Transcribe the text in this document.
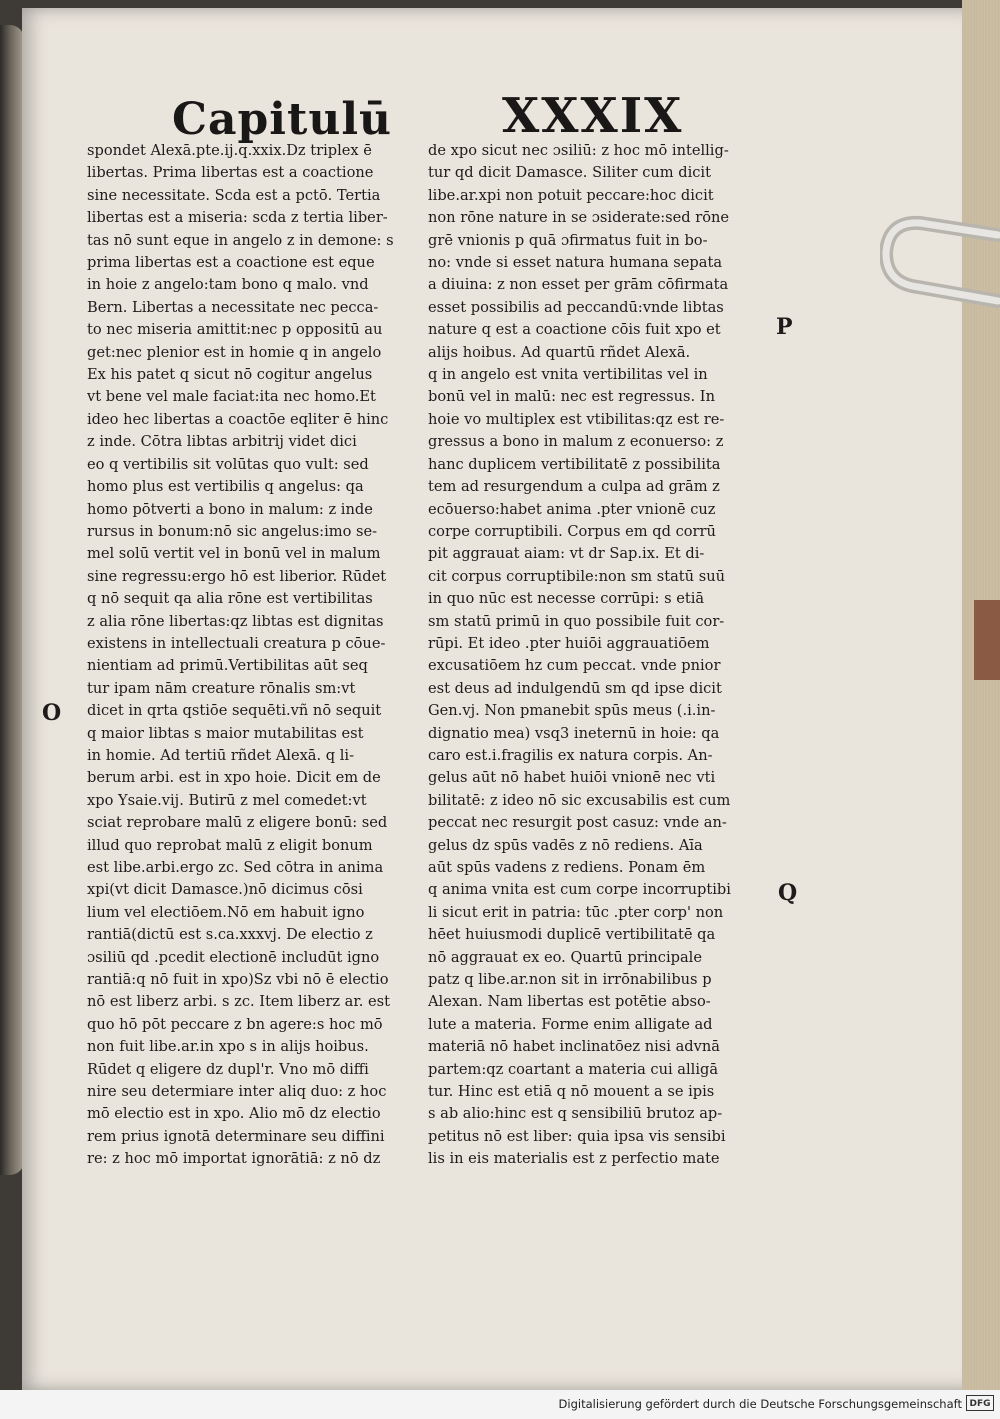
Capitulū XXXIX
spondet Alexā.pte.ij.q.xxix.Dz triplex ē
libertas. Prima libertas est a coactione
sine necessitate. Scda est a pctō. Tertia
libertas est a miseria: scda z tertia liber-
tas nō sunt eque in angelo z in demone: s
prima libertas est a coactione est eque
in hoie z angelo:tam bono q malo. vnd
Bern. Libertas a necessitate nec pecca-
to nec miseria amittit:nec p oppositū au
get:nec plenior est in homie q in angelo
Ex his patet q sicut nō cogitur angelus
vt bene vel male faciat:ita nec homo.Et
ideo hec libertas a coactōe eqliter ē hinc
z inde. Cōtra libtas arbitrij videt dici
eo q vertibilis sit volūtas quo vult: sed
homo plus est vertibilis q angelus: qa
homo pōtverti a bono in malum: z inde
rursus in bonum:nō sic angelus:imo se-
mel solū vertit vel in bonū vel in malum
sine regressu:ergo hō est liberior. Rūdet
q nō sequit qa alia rōne est vertibilitas
z alia rōne libertas:qz libtas est dignitas
existens in intellectuali creatura p cōue-
nientiam ad primū.Vertibilitas aūt seq
tur ipam nām creature rōnalis sm:vt
dicet in qrta qstiōe sequēti.vñ nō sequit
q maior libtas s maior mutabilitas est
in homie. Ad tertiū rñdet Alexā. q li-
berum arbi. est in xpo hoie. Dicit em de
xpo Ysaie.vij. Butirū z mel comedet:vt
sciat reprobare malū z eligere bonū: sed
illud quo reprobat malū z eligit bonum
est libe.arbi.ergo zc. Sed cōtra in anima
xpi(vt dicit Damasce.)nō dicimus cōsi
lium vel electiōem.Nō em habuit igno
rantiā(dictū est s.ca.xxxvj. De electio z
ɔsiliū qd .pcedit electionē includūt igno
rantiā:q nō fuit in xpo)Sz vbi nō ē electio
nō est liberz arbi. s zc. Item liberz ar. est
quo hō pōt peccare z bn agere:s hoc mō
non fuit libe.ar.in xpo s in alijs hoibus.
Rūdet q eligere dz dupl'r. Vno mō diffi
nire seu determiare inter aliq duo: z hoc
mō electio est in xpo. Alio mō dz electio
rem prius ignotā determinare seu diffini
re: z hoc mō importat ignorātiā: z nō dz
de xpo sicut nec ɔsiliū: z hoc mō intellig-
tur qd dicit Damasce. Siliter cum dicit
libe.ar.xpi non potuit peccare:hoc dicit
non rōne nature in se ɔsiderate:sed rōne
grē vnionis p quā ɔfirmatus fuit in bo-
no: vnde si esset natura humana sepata
a diuina: z non esset per grām cōfirmata
esset possibilis ad peccandū:vnde libtas
nature q est a coactione cōis fuit xpo et
alijs hoibus. Ad quartū rñdet Alexā.
q in angelo est vnita vertibilitas vel in
bonū vel in malū: nec est regressus. In
hoie vo multiplex est vtibilitas:qz est re-
gressus a bono in malum z econuerso: z
hanc duplicem vertibilitatē z possibilita
tem ad resurgendum a culpa ad grām z
ecōuerso:habet anima .pter vnionē cuz
corpe corruptibili. Corpus em qd corrū
pit aggrauat aiam: vt dr Sap.ix. Et di-
cit corpus corruptibile:non sm statū suū
in quo nūc est necesse corrūpi: s etiā
sm statū primū in quo possibile fuit cor-
rūpi. Et ideo .pter huiōi aggrauatiōem
excusatiōem hz cum peccat. vnde pnior
est deus ad indulgendū sm qd ipse dicit
Gen.vj. Non pmanebit spūs meus (.i.in-
dignatio mea) vsq3 ineternū in hoie: qa
caro est.i.fragilis ex natura corpis. An-
gelus aūt nō habet huiōi vnionē nec vti
bilitatē: z ideo nō sic excusabilis est cum
peccat nec resurgit post casuz: vnde an-
gelus dz spūs vadēs z nō rediens. Aīa
aūt spūs vadens z rediens. Ponam ēm
q anima vnita est cum corpe incorruptibi
li sicut erit in patria: tūc .pter corp' non
hēet huiusmodi duplicē vertibilitatē qa
nō aggrauat ex eo. Quartū principale
patz q libe.ar.non sit in irrōnabilibus p
Alexan. Nam libertas est potētie abso-
lute a materia. Forme enim alligate ad
materiā nō habet inclinatōez nisi advnā
partem:qz coartant a materia cui alligā
tur. Hinc est etiā q nō mouent a se ipis
s ab alio:hinc est q sensibiliū brutoz ap-
petitus nō est liber: quia ipsa vis sensibi
lis in eis materialis est z perfectio mate
P
O
Q
Digitalisierung gefördert durch die Deutsche Forschungsgemeinschaft DFG
